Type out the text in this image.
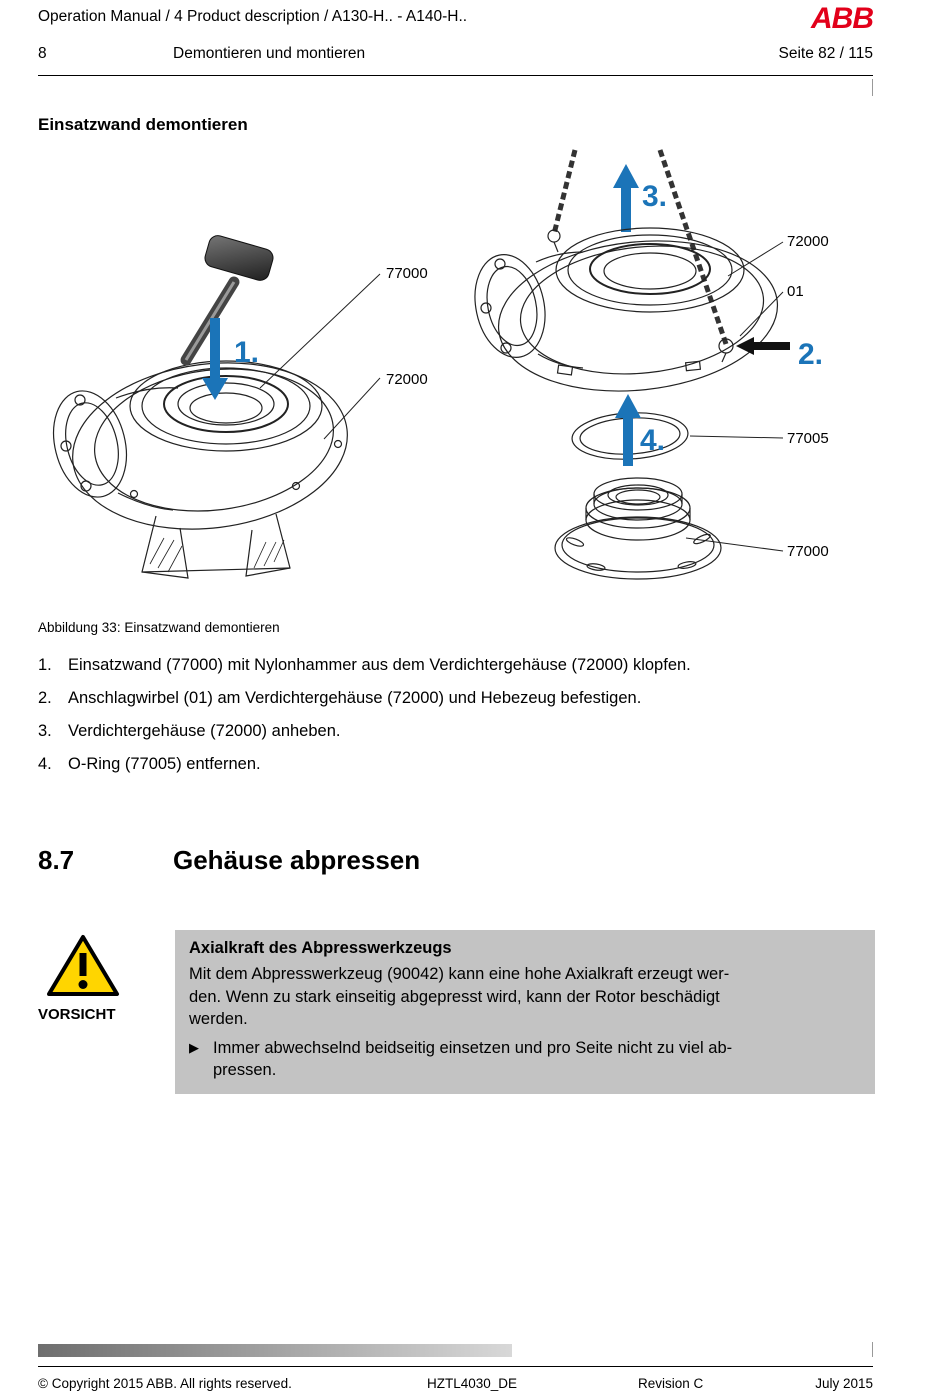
Operation Manual / 4 Product description / A130-H.. - A140-H..	ABB
8	Demontieren und montieren	Seite 82 / 115
Einsatzwand demontieren
1.
77000
72000
3.
2.
72000
01
4.	77005
77000
Abbildung 33: Einsatzwand demontieren
1. Einsatzwand (77000) mit Nylonhammer aus dem Verdichtergehäuse (72000) klopfen.
2. Anschlagwirbel (01) am Verdichtergehäuse (72000) und Hebezeug befestigen.
3. Verdichtergehäuse (72000) anheben.
4. O-Ring (77005) entfernen.
8.7	Gehäuse abpressen
VORSICHT
Axialkraft des Abpresswerkzeugs
Mit dem Abpresswerkzeug (90042) kann eine hohe Axialkraft erzeugt wer-
den. Wenn zu stark einseitig abgepresst wird, kann der Rotor beschädigt
werden.
▶ Immer abwechselnd beidseitig einsetzen und pro Seite nicht zu viel ab-
pressen.
© Copyright 2015 ABB. All rights reserved.	HZTL4030_DE	Revision C	July 2015
